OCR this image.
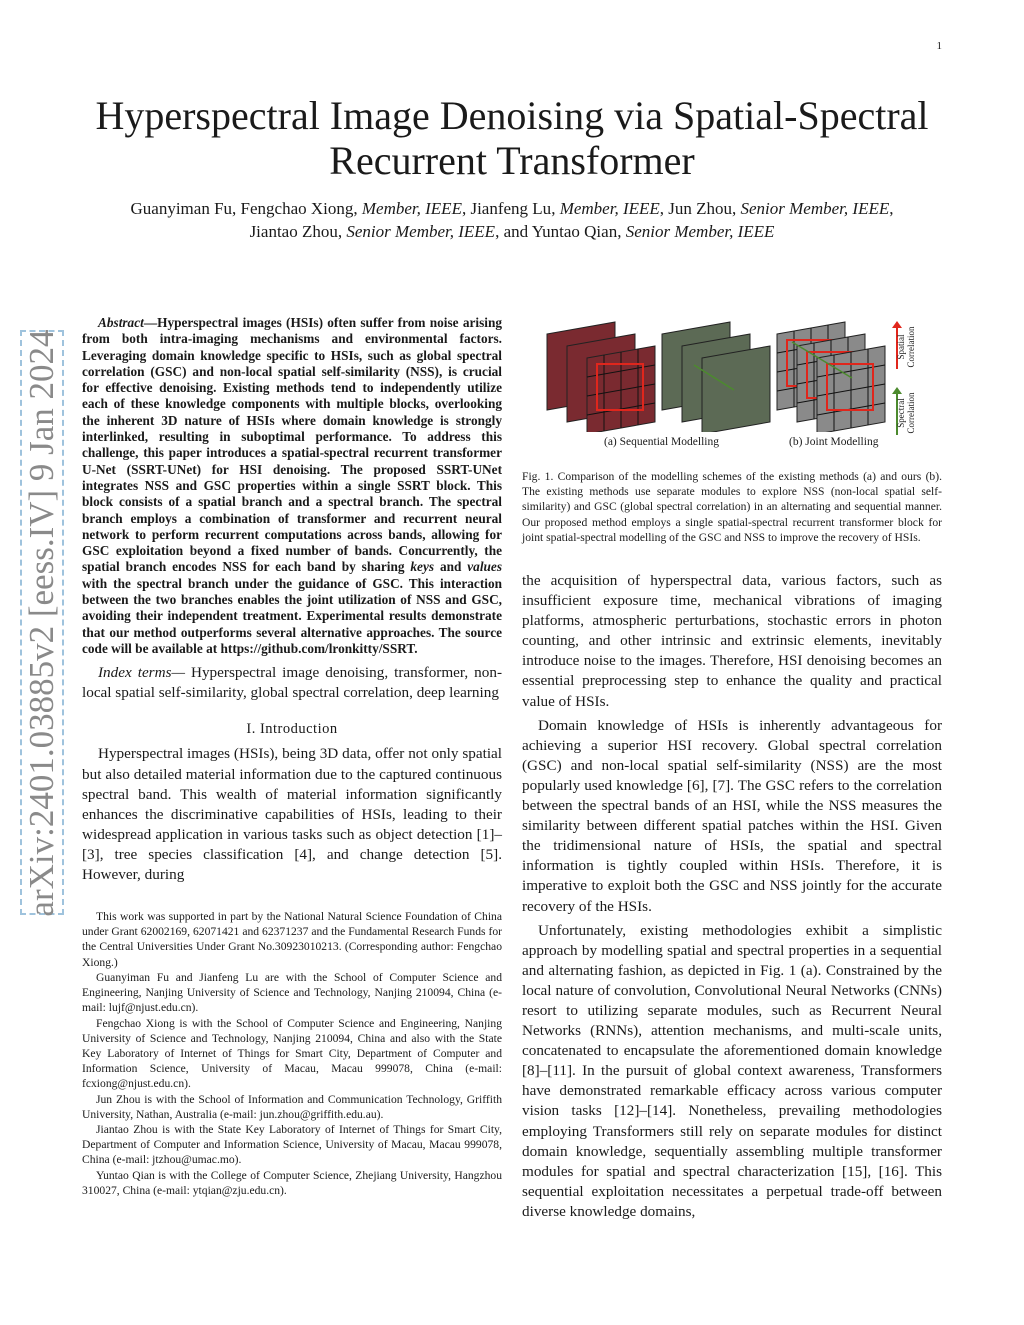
1
Hyperspectral Image Denoising via Spatial-Spectral Recurrent Transformer
Guanyiman Fu, Fengchao Xiong, Member, IEEE, Jianfeng Lu, Member, IEEE, Jun Zhou, Senior Member, IEEE,
Jiantao Zhou, Senior Member, IEEE, and Yuntao Qian, Senior Member, IEEE
arXiv:2401.03885v2 [eess.IV] 9 Jan 2024

Abstract—Hyperspectral images (HSIs) often suffer from noise arising from both intra-imaging mechanisms and environmental factors. Leveraging domain knowledge specific to HSIs, such as global spectral correlation (GSC) and non-local spatial self-similarity (NSS), is crucial for effective denoising. Existing methods tend to independently utilize each of these knowledge components with multiple blocks, overlooking the inherent 3D nature of HSIs where domain knowledge is strongly interlinked, resulting in suboptimal performance. To address this challenge, this paper introduces a spatial-spectral recurrent transformer U-Net (SSRT-UNet) for HSI denoising. The proposed SSRT-UNet integrates NSS and GSC properties within a single SSRT block. This block consists of a spatial branch and a spectral branch. The spectral branch employs a combination of transformer and recurrent neural network to perform recurrent computations across bands, allowing for GSC exploitation beyond a fixed number of bands. Concurrently, the spatial branch encodes NSS for each band by sharing keys and values with the spectral branch under the guidance of GSC. This interaction between the two branches enables the joint utilization of NSS and GSC, avoiding their independent treatment. Experimental results demonstrate that our method outperforms several alternative approaches. The source code will be available at https://github.com/lronkitty/SSRT.

Index terms— Hyperspectral image denoising, transformer, non-local spatial self-similarity, global spectral correlation, deep learning

I. Introduction

Hyperspectral images (HSIs), being 3D data, offer not only spatial but also detailed material information due to the captured continuous spectral band. This wealth of material information significantly enhances the discriminative capabilities of HSIs, leading to their widespread application in various tasks such as object detection [1]–[3], tree species classification [4], and change detection [5]. However, during

This work was supported in part by the National Natural Science Foundation of China under Grant 62002169, 62071421 and 62371237 and the Fundamental Research Funds for the Central Universities Under Grant No.30923010213. (Corresponding author: Fengchao Xiong.)

Guanyiman Fu and Jianfeng Lu are with the School of Computer Science and Engineering, Nanjing University of Science and Technology, Nanjing 210094, China (e-mail: lujf@njust.edu.cn).

Fengchao Xiong is with the School of Computer Science and Engineering, Nanjing University of Science and Technology, Nanjing 210094, China and also with the State Key Laboratory of Internet of Things for Smart City, Department of Computer and Information Science, University of Macau, Macau 999078, China (e-mail: fcxiong@njust.edu.cn).

Jun Zhou is with the School of Information and Communication Technology, Griffith University, Nathan, Australia (e-mail: jun.zhou@griffith.edu.au).

Jiantao Zhou is with the State Key Laboratory of Internet of Things for Smart City, Department of Computer and Information Science, University of Macau, Macau 999078, China (e-mail: jtzhou@umac.mo).

Yuntao Qian is with the College of Computer Science, Zhejiang University, Hangzhou 310027, China (e-mail: ytqian@zju.edu.cn).

(a) Sequential Modelling	(b) Joint Modelling
Spatial Correlation
Spectral Correlation

Fig. 1. Comparison of the modelling schemes of the existing methods (a) and ours (b). The existing methods use separate modules to explore NSS (non-local spatial self-similarity) and GSC (global spectral correlation) in an alternating and sequential manner. Our proposed method employs a single spatial-spectral recurrent transformer block for joint spatial-spectral modelling of the GSC and NSS to improve the recovery of HSIs.

the acquisition of hyperspectral data, various factors, such as insufficient exposure time, mechanical vibrations of imaging platforms, atmospheric perturbations, stochastic errors in photon counting, and other intrinsic and extrinsic elements, inevitably introduce noise to the images. Therefore, HSI denoising becomes an essential preprocessing step to enhance the quality and practical value of HSIs.

Domain knowledge of HSIs is inherently advantageous for achieving a superior HSI recovery. Global spectral correlation (GSC) and non-local spatial self-similarity (NSS) are the most popularly used knowledge [6], [7]. The GSC refers to the correlation between the spectral bands of an HSI, while the NSS measures the similarity between different spatial patches within the HSI. Given the tridimensional nature of HSIs, the spatial and spectral information is tightly coupled within HSIs. Therefore, it is imperative to exploit both the GSC and NSS jointly for the accurate recovery of the HSIs.

Unfortunately, existing methodologies exhibit a simplistic approach by modelling spatial and spectral properties in a sequential and alternating fashion, as depicted in Fig. 1 (a). Constrained by the local nature of convolution, Convolutional Neural Networks (CNNs) resort to utilizing separate modules, such as Recurrent Neural Networks (RNNs), attention mechanisms, and multi-scale units, concatenated to encapsulate the aforementioned domain knowledge [8]–[11]. In the pursuit of global context awareness, Transformers have demonstrated remarkable efficacy across various computer vision tasks [12]–[14]. Nonetheless, prevailing methodologies employing Transformers still rely on separate modules for distinct domain knowledge, sequentially assembling multiple transformer modules for spatial and spectral characterization [15], [16]. This sequential exploitation necessitates a perpetual trade-off between diverse knowledge domains,
